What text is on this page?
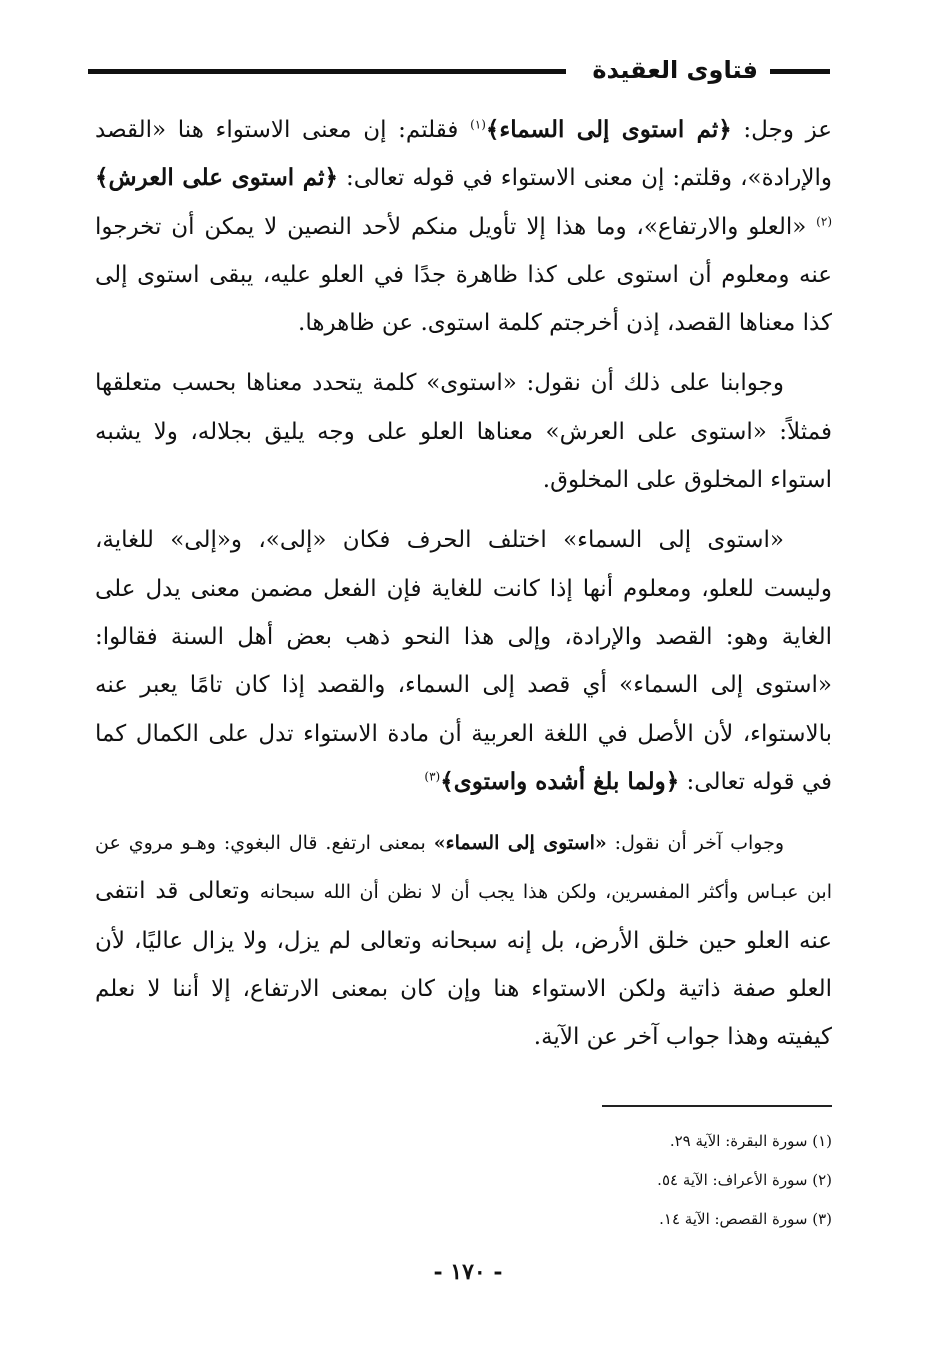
فتاوى العقيدة

عز وجل: ﴿ثم استوى إلى السماء﴾$^{(١)}$ فقلتم: إن معنى الاستواء هنا «القصد والإرادة»، وقلتم: إن معنى الاستواء في قوله تعالى: ﴿ثم استوى على العرش﴾$^{(٢)}$ «العلو والارتفاع»، وما هذا إلا تأويل منكم لأحد النصين لا يمكن أن تخرجوا عنه ومعلوم أن استوى على كذا ظاهرة جدًا في العلو عليه، يبقى استوى إلى كذا معناها القصد، إذن أخرجتم كلمة استوى. عن ظاهرها.

وجوابنا على ذلك أن نقول: «استوى» كلمة يتحدد معناها بحسب متعلقها فمثلاً: «استوى على العرش» معناها العلو على وجه يليق بجلاله، ولا يشبه استواء المخلوق على المخلوق.

«استوى إلى السماء» اختلف الحرف فكان «إلى»، و«إلى» للغاية، وليست للعلو، ومعلوم أنها إذا كانت للغاية فإن الفعل مضمن معنى يدل على الغاية وهو: القصد والإرادة، وإلى هذا النحو ذهب بعض أهل السنة فقالوا: «استوى إلى السماء» أي قصد إلى السماء، والقصد إذا كان تامًا يعبر عنه بالاستواء، لأن الأصل في اللغة العربية أن مادة الاستواء تدل على الكمال كما في قوله تعالى: ﴿ولما بلغ أشده واستوى﴾$^{(٣)}$

وجواب آخر أن نقول: «استوى إلى السماء» بمعنى ارتفع. قال البغوي: وهـو مروي عن ابن عبـاس وأكثر المفسرين، ولكن هذا يجب أن لا نظن أن الله سبحانه وتعالى قد انتفى عنه العلو حين خلق الأرض، بل إنه سبحانه وتعالى لم يزل، ولا يزال عاليًا، لأن العلو صفة ذاتية ولكن الاستواء هنا وإن كان بمعنى الارتفاع، إلا أننا لا نعلم كيفيته وهذا جواب آخر عن الآية.

(١) سورة البقرة: الآية ٢٩.
(٢) سورة الأعراف: الآية ٥٤.
(٣) سورة القصص: الآية ١٤.
- ١٧٠ -
